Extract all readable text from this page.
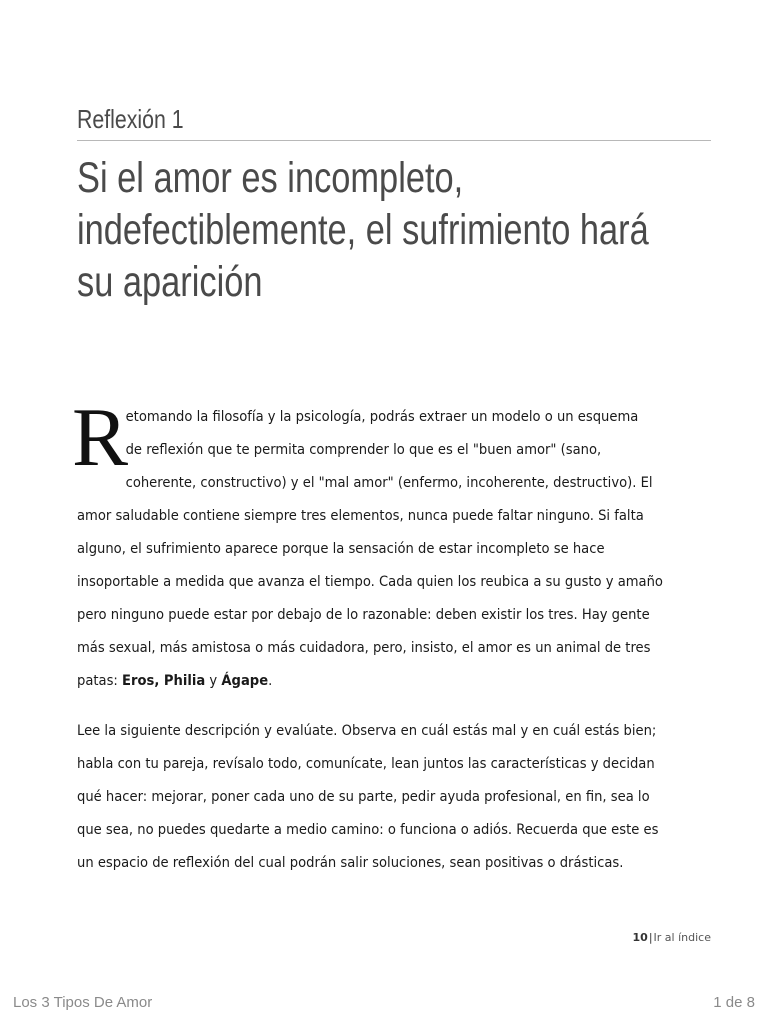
Reflexión 1
Si el amor es incompleto,
indefectiblemente, el sufrimiento hará
su aparición
R
etomando la filosofía y la psicología, podrás extraer un modelo o un esquema
de reflexión que te permita comprender lo que es el "buen amor" (sano,
coherente, constructivo) y el "mal amor" (enfermo, incoherente, destructivo). El
amor saludable contiene siempre tres elementos, nunca puede faltar ninguno. Si falta
alguno, el sufrimiento aparece porque la sensación de estar incompleto se hace
insoportable a medida que avanza el tiempo. Cada quien los reubica a su gusto y amaño
pero ninguno puede estar por debajo de lo razonable: deben existir los tres. Hay gente
más sexual, más amistosa o más cuidadora, pero, insisto, el amor es un animal de tres
patas: Eros, Philia y Ágape.
Lee la siguiente descripción y evalúate. Observa en cuál estás mal y en cuál estás bien;
habla con tu pareja, revísalo todo, comunícate, lean juntos las características y decidan
qué hacer: mejorar, poner cada uno de su parte, pedir ayuda profesional, en fin, sea lo
que sea, no puedes quedarte a medio camino: o funciona o adiós. Recuerda que este es
un espacio de reflexión del cual podrán salir soluciones, sean positivas o drásticas.
10|Ir al índice
Los 3 Tipos De Amor	1 de 8
